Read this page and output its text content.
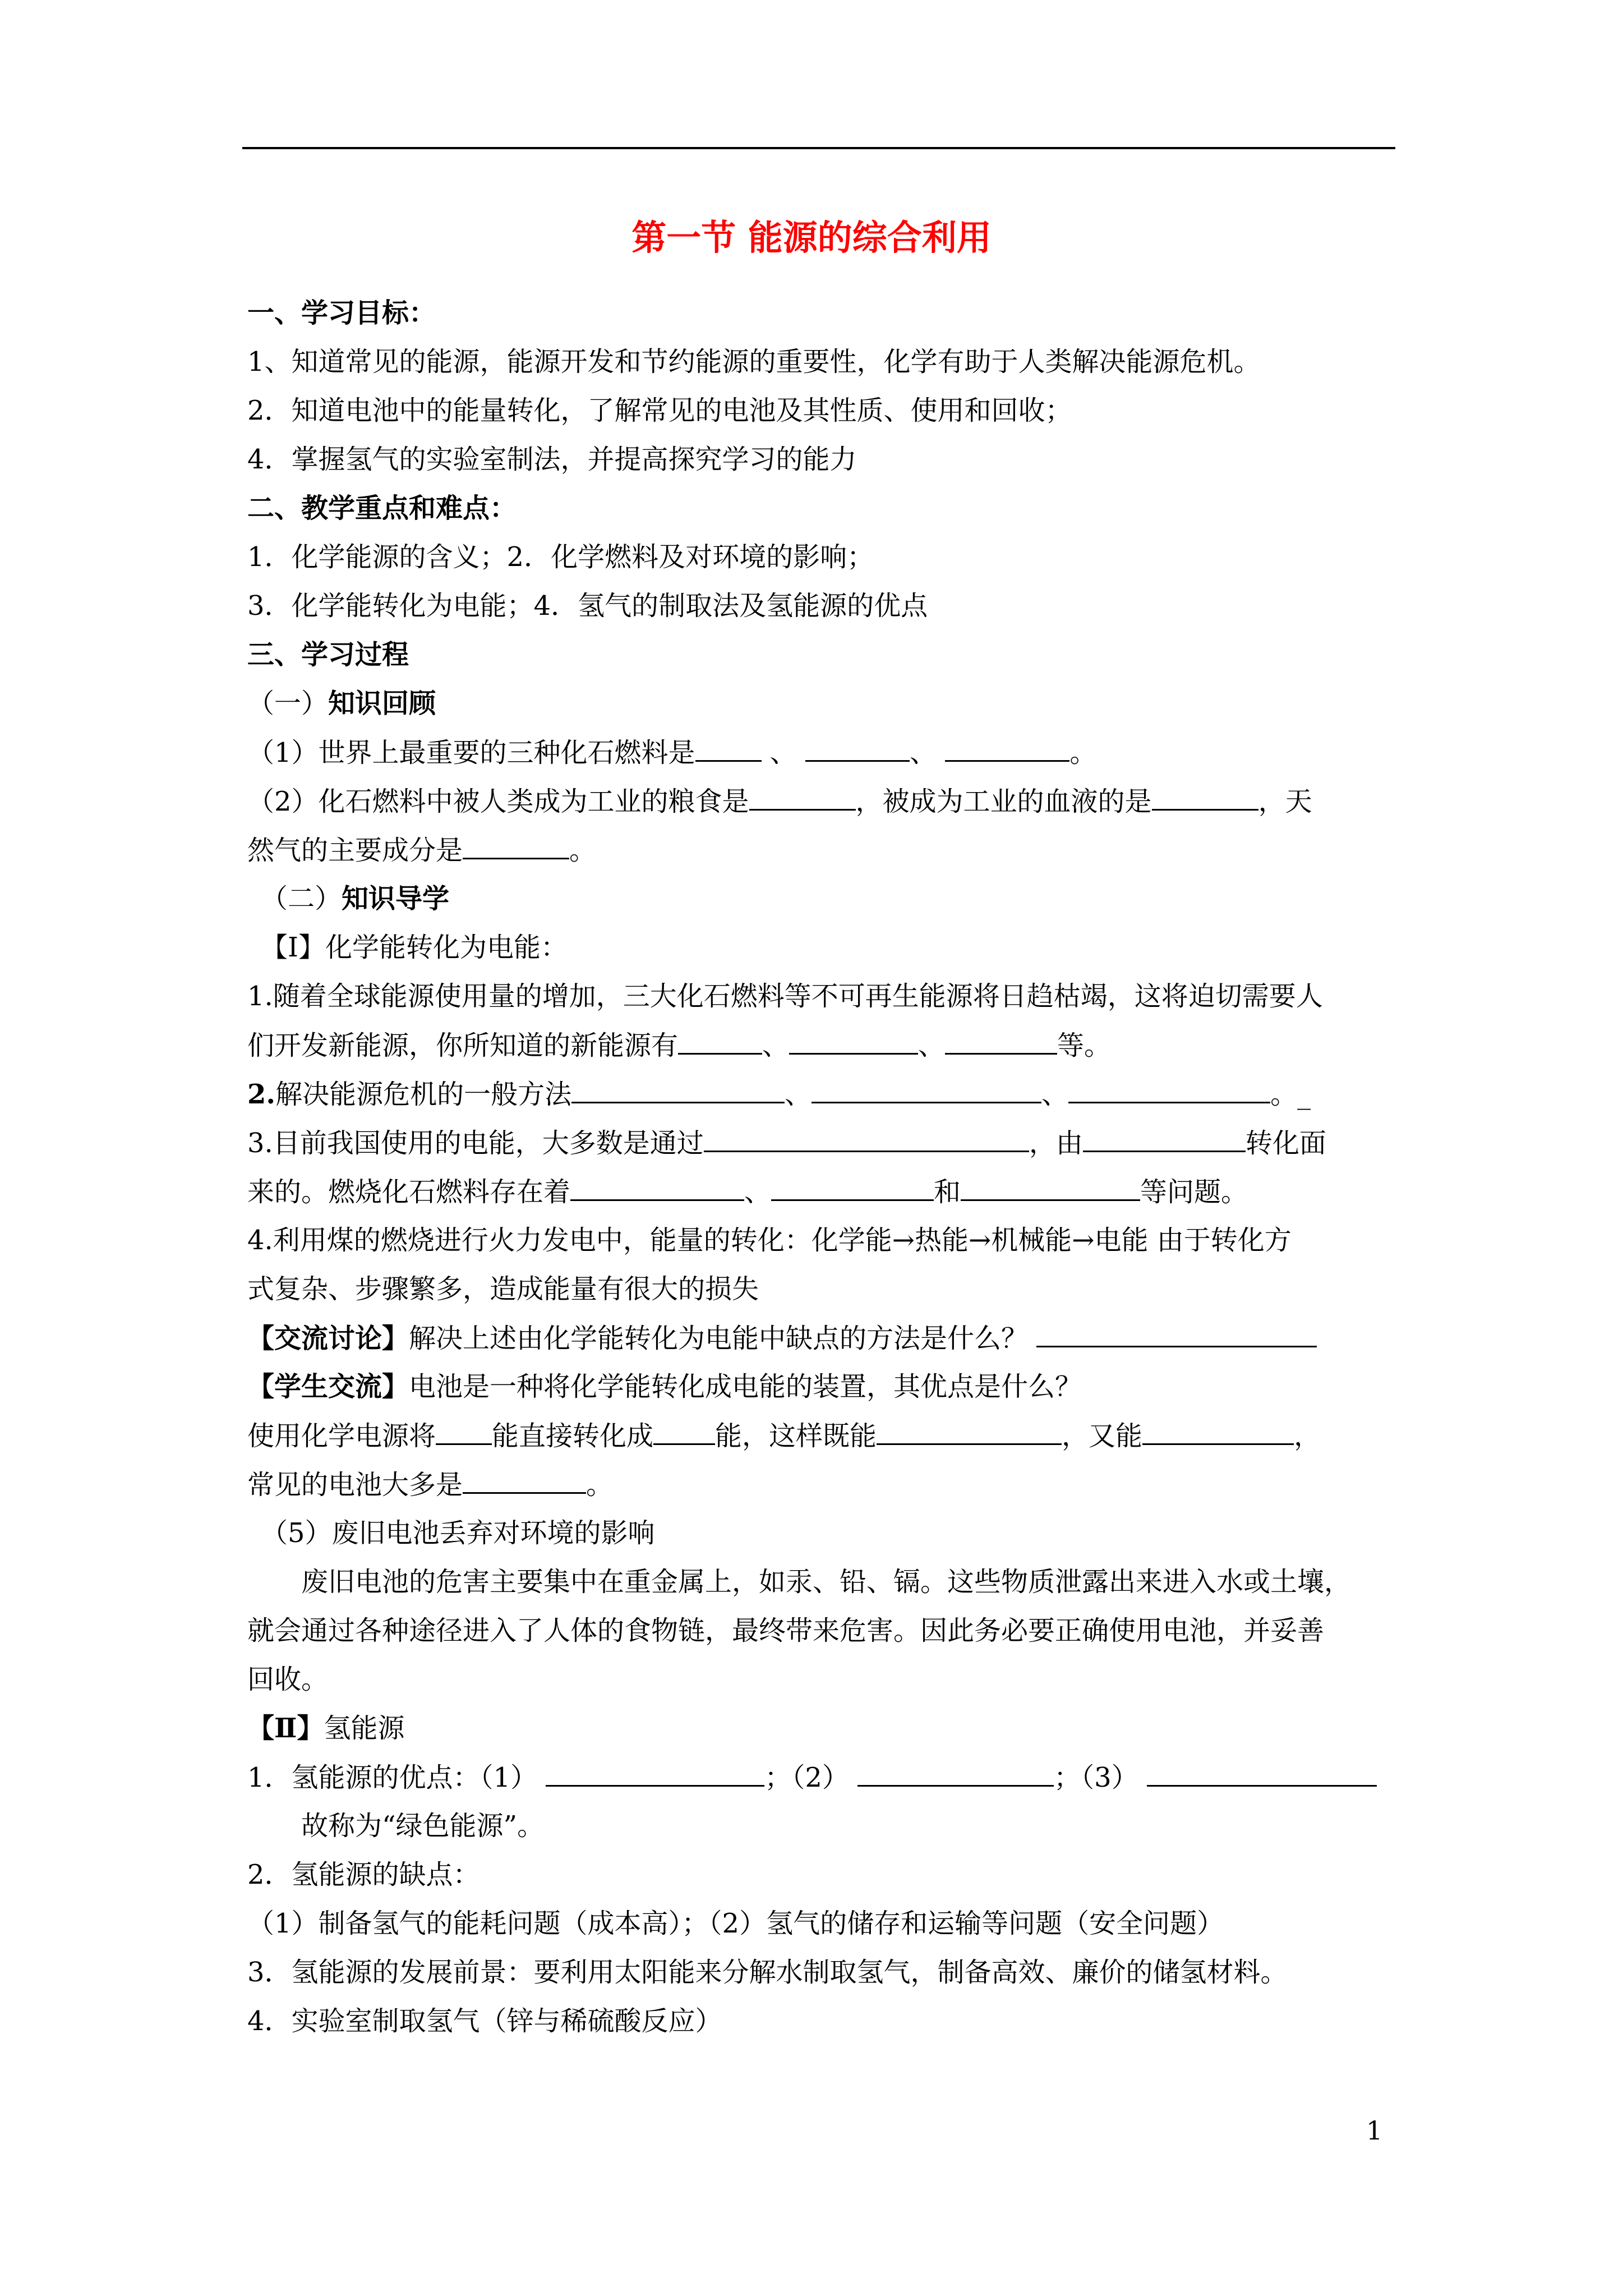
第一节 能源的综合利用

一、学习目标：

1、知道常见的能源，能源开发和节约能源的重要性，化学有助于人类解决能源危机。

2．知道电池中的能量转化，了解常见的电池及其性质、使用和回收；

4．掌握氢气的实验室制法，并提高探究学习的能力

二、教学重点和难点：

1．化学能源的含义；2．化学燃料及对环境的影响；

3．化学能转化为电能；4．氢气的制取法及氢能源的优点

三、学习过程

（一）知识回顾

（1）世界上最重要的三种化石燃料是 、	、	。

（2）化石燃料中被人类成为工业的粮食是	，被成为工业的血液的是	，天

然气的主要成分是	。

（二）知识导学

【Ⅰ】化学能转化为电能：

1.随着全球能源使用量的增加，三大化石燃料等不可再生能源将日趋枯竭，这将迫切需要人

们开发新能源，你所知道的新能源有	、	、	等。

2.解决能源危机的一般方法	、	、	。_

3.目前我国使用的电能，大多数是通过	，由	转化面

来的。燃烧化石燃料存在着	、	和	等问题。

4.利用煤的燃烧进行火力发电中，能量的转化：化学能→热能→机械能→电能 由于转化方

式复杂、步骤繁多，造成能量有很大的损失

【交流讨论】解决上述由化学能转化为电能中缺点的方法是什么？

【学生交流】电池是一种将化学能转化成电能的装置，其优点是什么？

使用化学电源将 能直接转化成 能，这样既能	，又能	，

常见的电池大多是	。

（5）废旧电池丢弃对环境的影响

废旧电池的危害主要集中在重金属上，如汞、铅、镉。这些物质泄露出来进入水或土壤，

就会通过各种途径进入了人体的食物链，最终带来危害。因此务必要正确使用电池，并妥善

回收。

【Ⅱ】氢能源

1．氢能源的优点：（1）	；（2）	；（3）

故称为“绿色能源”。

2．氢能源的缺点：

（1）制备氢气的能耗问题（成本高）；（2）氢气的储存和运输等问题（安全问题）

3．氢能源的发展前景：要利用太阳能来分解水制取氢气，制备高效、廉价的储氢材料。

4．实验室制取氢气（锌与稀硫酸反应）

1
